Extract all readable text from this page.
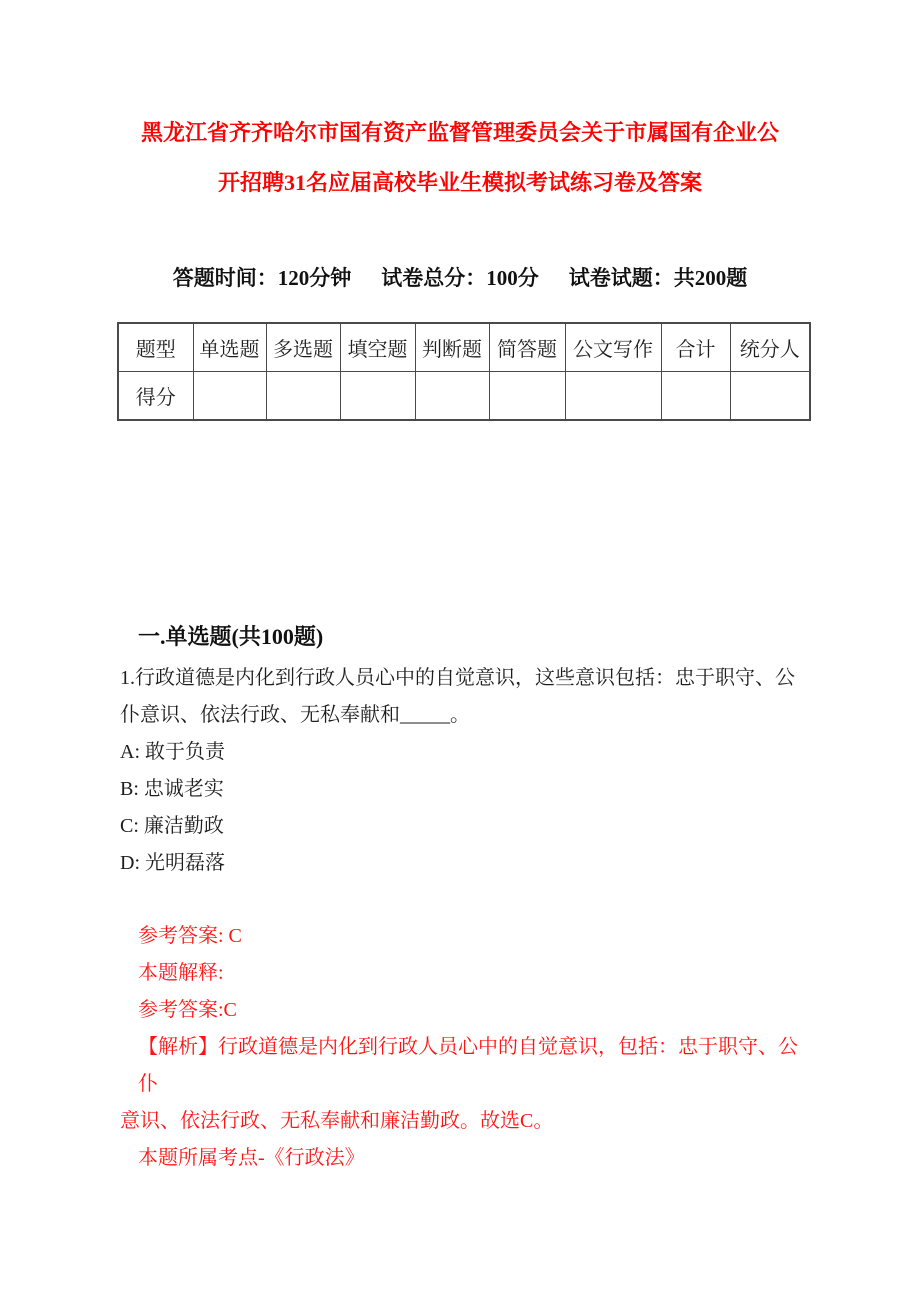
黑龙江省齐齐哈尔市国有资产监督管理委员会关于市属国有企业公
开招聘31名应届高校毕业生模拟考试练习卷及答案
答题时间：120分钟 试卷总分：100分 试卷试题：共200题
题型	单选题	多选题	填空题	判断题	简答题	公文写作	合计	统分人
得分								
一.单选题(共100题)

1.行政道德是内化到行政人员心中的自觉意识，这些意识包括：忠于职守、公
仆意识、依法行政、无私奉献和_____。

A: 敢于负责

B: 忠诚老实

C: 廉洁勤政

D: 光明磊落

参考答案: C

本题解释:

参考答案:C

【解析】行政道德是内化到行政人员心中的自觉意识，包括：忠于职守、公仆
意识、依法行政、无私奉献和廉洁勤政。故选C。

本题所属考点-《行政法》
